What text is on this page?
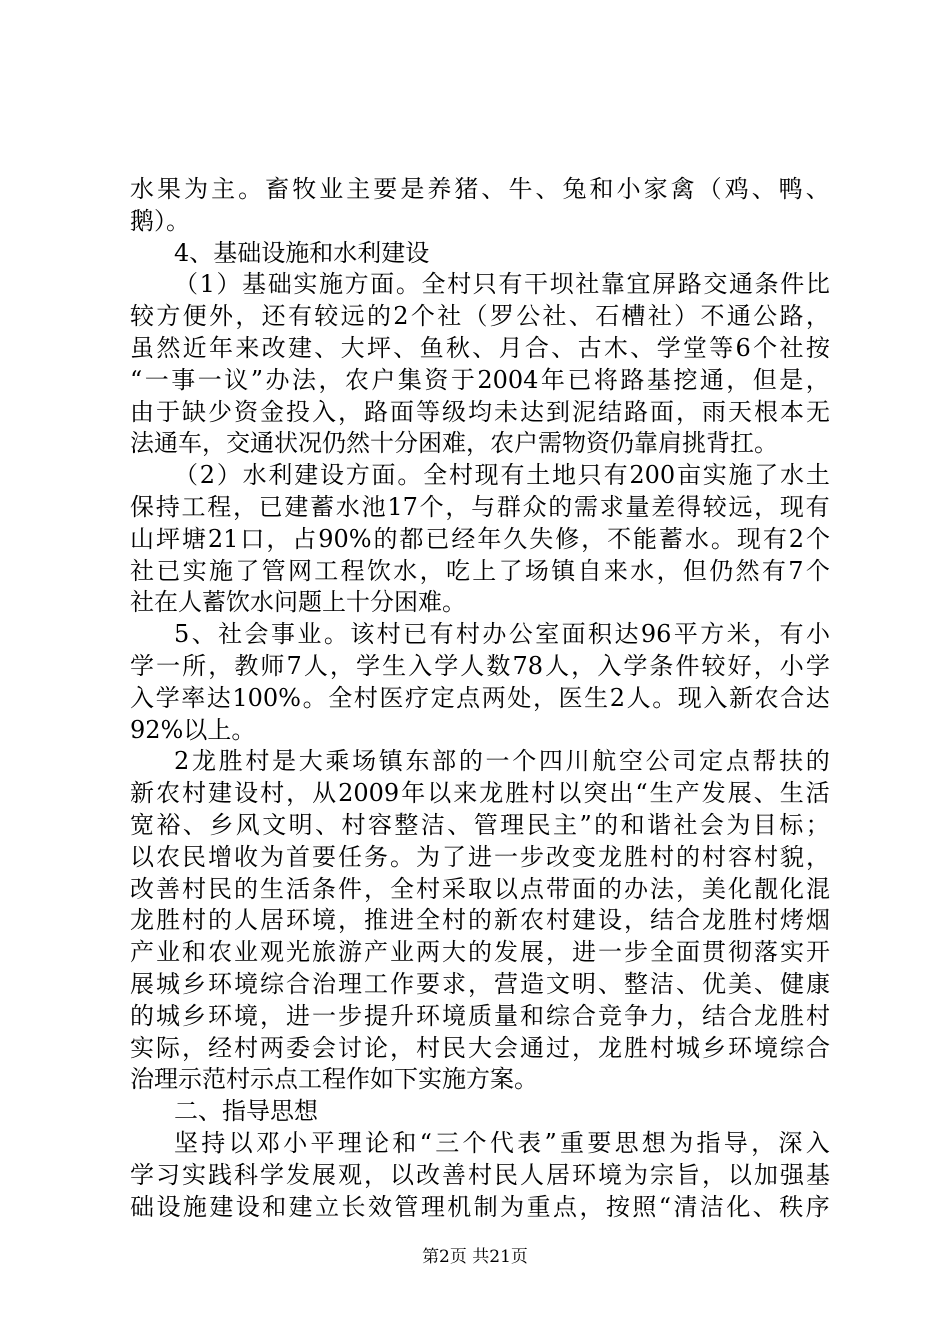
水 果 为 主 。 畜 牧 业 主 要 是 养 猪 、 牛 、 兔 和 小 家 禽 （ 鸡 、 鸭 、
鹅）。
4、基础设施和水利建设
（ 1 ） 基 础 实 施 方 面 。 全 村 只 有 干 坝 社 靠 宜 屏 路 交 通 条 件 比
较 方 便 外 ， 还 有 较 远 的 2 个 社 （ 罗 公 社 、 石 槽 社 ） 不 通 公 路 ，
虽 然 近 年 来 改 建 、 大 坪 、 鱼 秋 、 月 合 、 古 木 、 学 堂 等 6 个 社 按
“ 一 事 一 议 ” 办 法 ， 农 户 集 资 于 2004 年 已 将 路 基 挖 通 ， 但 是 ，
由 于 缺 少 资 金 投 入 ， 路 面 等 级 均 未 达 到 泥 结 路 面 ， 雨 天 根 本 无
法通车，交通状况仍然十分困难，农户需物资仍靠肩挑背扛。
（ 2 ） 水 利 建 设 方 面 。 全 村 现 有 土 地 只 有 200 亩 实 施 了 水 土
保 持 工 程 ， 已 建 蓄 水 池 17 个 ， 与 群 众 的 需 求 量 差 得 较 远 ， 现 有
山 坪 塘 21 口 ， 占 90% 的 都 已 经 年 久 失 修 ， 不 能 蓄 水 。 现 有 2 个
社 已 实 施 了 管 网 工 程 饮 水 ， 吃 上 了 场 镇 自 来 水 ， 但 仍 然 有 7 个
社在人蓄饮水问题上十分困难。
5 、 社 会 事 业 。 该 村 已 有 村 办 公 室 面 积 达 96 平 方 米 ， 有 小
学 一 所 ， 教 师 7 人 ， 学 生 入 学 人 数 78 人 ， 入 学 条 件 较 好 ， 小 学
入 学 率 达 100% 。 全 村 医 疗 定 点 两 处 ， 医 生 2 人 。 现 入 新 农 合 达
92%以上。
2 龙 胜 村 是 大 乘 场 镇 东 部 的 一 个 四 川 航 空 公 司 定 点 帮 扶 的
新 农 村 建 设 村 ， 从 2009 年 以 来 龙 胜 村 以 突 出 “ 生 产 发 展 、 生 活
宽 裕 、 乡 风 文 明 、 村 容 整 洁 、 管 理 民 主 ” 的 和 谐 社 会 为 目 标 ；
以 农 民 增 收 为 首 要 任 务 。 为 了 进 一 步 改 变 龙 胜 村 的 村 容 村 貌 ，
改 善 村 民 的 生 活 条 件 ， 全 村 采 取 以 点 带 面 的 办 法 ， 美 化 靓 化 混
龙 胜 村 的 人 居 环 境 ， 推 进 全 村 的 新 农 村 建 设 ， 结 合 龙 胜 村 烤 烟
产 业 和 农 业 观 光 旅 游 产 业 两 大 的 发 展 ， 进 一 步 全 面 贯 彻 落 实 开
展 城 乡 环 境 综 合 治 理 工 作 要 求 ， 营 造 文 明 、 整 洁 、 优 美 、 健 康
的 城 乡 环 境 ， 进 一 步 提 升 环 境 质 量 和 综 合 竞 争 力 ， 结 合 龙 胜 村
实 际 ， 经 村 两 委 会 讨 论 ， 村 民 大 会 通 过 ， 龙 胜 村 城 乡 环 境 综 合
治理示范村示点工程作如下实施方案。
二、指导思想
坚 持 以 邓 小 平 理 论 和 “ 三 个 代 表 ” 重 要 思 想 为 指 导 ， 深 入
学 习 实 践 科 学 发 展 观 ， 以 改 善 村 民 人 居 环 境 为 宗 旨 ， 以 加 强 基
础 设 施 建 设 和 建 立 长 效 管 理 机 制 为 重 点 ， 按 照 “ 清 洁 化 、 秩 序
第2页 共21页
